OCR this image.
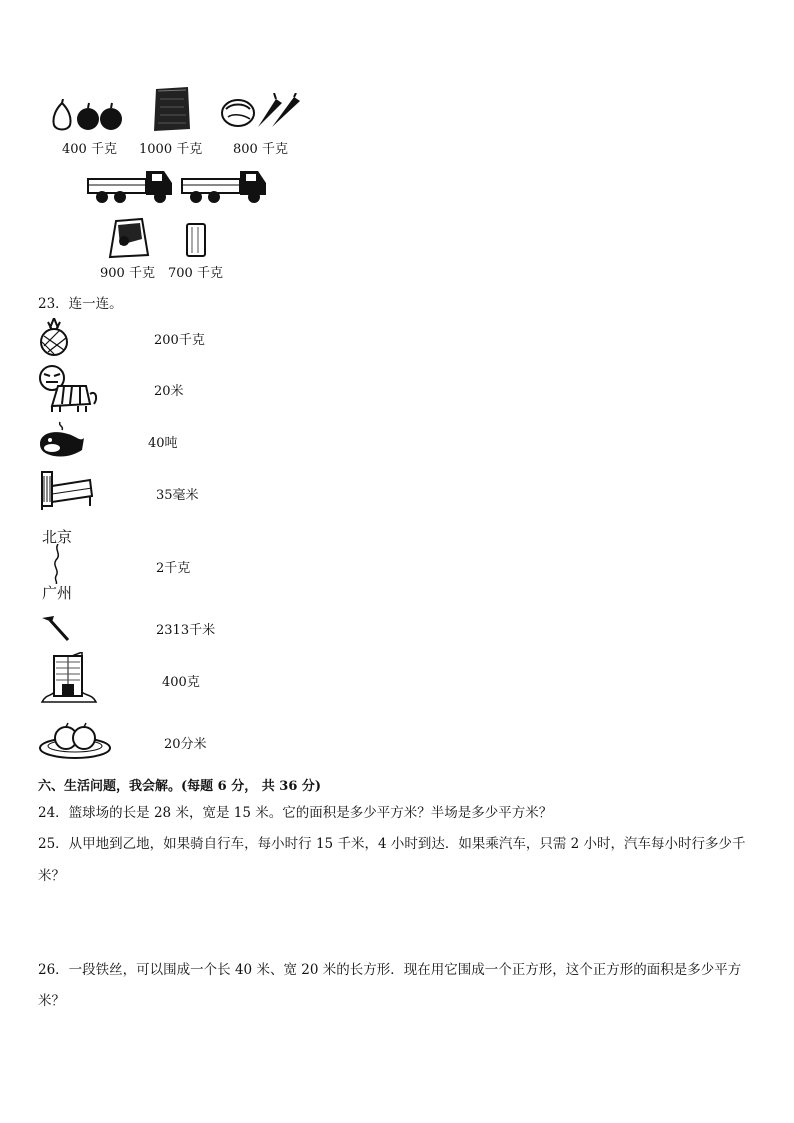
400 千克 1000 千克 800 千克
900 千克 700 千克
23．连一连。
200千克
20米
40吨
35毫米
北京
广州
2千克
2313千米
400克
20分米
六、生活问题，我会解。(每题 6 分， 共 36 分)
24．篮球场的长是 28 米，宽是 15 米。它的面积是多少平方米？半场是多少平方米？
25．从甲地到乙地，如果骑自行车，每小时行 15 千米，4 小时到达．如果乘汽车，只需 2 小时，汽车每小时行多少千
米？
26．一段铁丝，可以围成一个长 40 米、宽 20 米的长方形．现在用它围成一个正方形，这个正方形的面积是多少平方
米？
